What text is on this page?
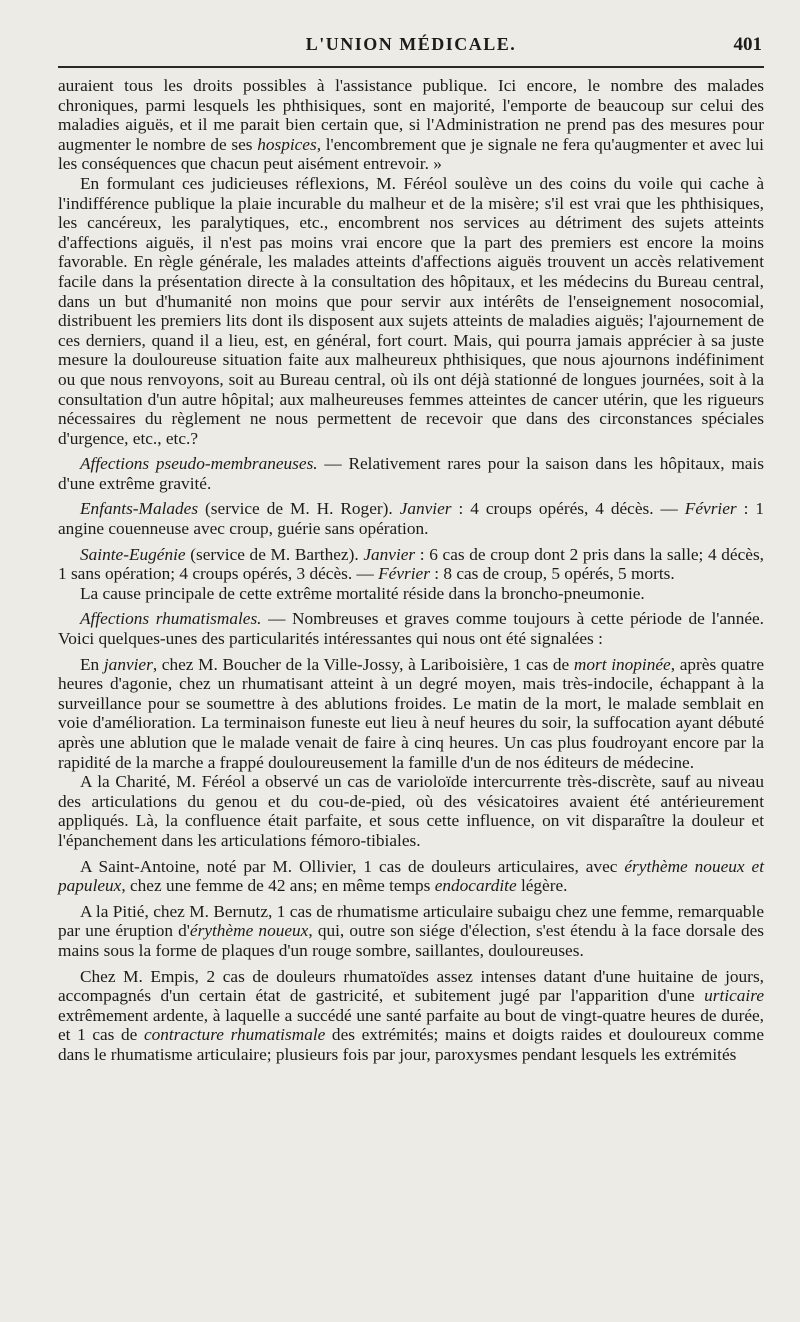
L'UNION MÉDICALE.	401

auraient tous les droits possibles à l'assistance publique. Ici encore, le nombre des malades chroniques, parmi lesquels les phthisiques, sont en majorité, l'emporte de beaucoup sur celui des maladies aiguës, et il me parait bien certain que, si l'Administration ne prend pas des mesures pour augmenter le nombre de ses hospices, l'encombrement que je signale ne fera qu'augmenter et avec lui les conséquences que chacun peut aisément entrevoir. »

En formulant ces judicieuses réflexions, M. Féréol soulève un des coins du voile qui cache à l'indifférence publique la plaie incurable du malheur et de la misère; s'il est vrai que les phthisiques, les cancéreux, les paralytiques, etc., encombrent nos services au détriment des sujets atteints d'affections aiguës, il n'est pas moins vrai encore que la part des premiers est encore la moins favorable. En règle générale, les malades atteints d'affections aiguës trouvent un accès relativement facile dans la présentation directe à la consultation des hôpitaux, et les médecins du Bureau central, dans un but d'humanité non moins que pour servir aux intérêts de l'enseignement nosocomial, distribuent les premiers lits dont ils disposent aux sujets atteints de maladies aiguës; l'ajournement de ces derniers, quand il a lieu, est, en général, fort court. Mais, qui pourra jamais apprécier à sa juste mesure la douloureuse situation faite aux malheureux phthisiques, que nous ajournons indéfiniment ou que nous renvoyons, soit au Bureau central, où ils ont déjà stationné de longues journées, soit à la consultation d'un autre hôpital; aux malheureuses femmes atteintes de cancer utérin, que les rigueurs nécessaires du règlement ne nous permettent de recevoir que dans des circonstances spéciales d'urgence, etc., etc.?

Affections pseudo-membraneuses. — Relativement rares pour la saison dans les hôpitaux, mais d'une extrême gravité.

Enfants-Malades (service de M. H. Roger). Janvier : 4 croups opérés, 4 décès. — Février : 1 angine couenneuse avec croup, guérie sans opération.

Sainte-Eugénie (service de M. Barthez). Janvier : 6 cas de croup dont 2 pris dans la salle; 4 décès, 1 sans opération; 4 croups opérés, 3 décès. — Février : 8 cas de croup, 5 opérés, 5 morts.

La cause principale de cette extrême mortalité réside dans la broncho-pneumonie.

Affections rhumatismales. — Nombreuses et graves comme toujours à cette période de l'année. Voici quelques-unes des particularités intéressantes qui nous ont été signalées :

En janvier, chez M. Boucher de la Ville-Jossy, à Lariboisière, 1 cas de mort inopinée, après quatre heures d'agonie, chez un rhumatisant atteint à un degré moyen, mais très-indocile, échappant à la surveillance pour se soumettre à des ablutions froides. Le matin de la mort, le malade semblait en voie d'amélioration. La terminaison funeste eut lieu à neuf heures du soir, la suffocation ayant débuté après une ablution que le malade venait de faire à cinq heures. Un cas plus foudroyant encore par la rapidité de la marche a frappé douloureusement la famille d'un de nos éditeurs de médecine.

A la Charité, M. Féréol a observé un cas de varioloïde intercurrente très-discrète, sauf au niveau des articulations du genou et du cou-de-pied, où des vésicatoires avaient été antérieurement appliqués. Là, la confluence était parfaite, et sous cette influence, on vit disparaître la douleur et l'épanchement dans les articulations fémoro-tibiales.

A Saint-Antoine, noté par M. Ollivier, 1 cas de douleurs articulaires, avec érythème noueux et papuleux, chez une femme de 42 ans; en même temps endocardite légère.

A la Pitié, chez M. Bernutz, 1 cas de rhumatisme articulaire subaigu chez une femme, remarquable par une éruption d'érythème noueux, qui, outre son siége d'élection, s'est étendu à la face dorsale des mains sous la forme de plaques d'un rouge sombre, saillantes, douloureuses.

Chez M. Empis, 2 cas de douleurs rhumatoïdes assez intenses datant d'une huitaine de jours, accompagnés d'un certain état de gastricité, et subitement jugé par l'apparition d'une urticaire extrêmement ardente, à laquelle a succédé une santé parfaite au bout de vingt-quatre heures de durée, et 1 cas de contracture rhumatismale des extrémités; mains et doigts raides et douloureux comme dans le rhumatisme articulaire; plusieurs fois par jour, paroxysmes pendant lesquels les extrémités
